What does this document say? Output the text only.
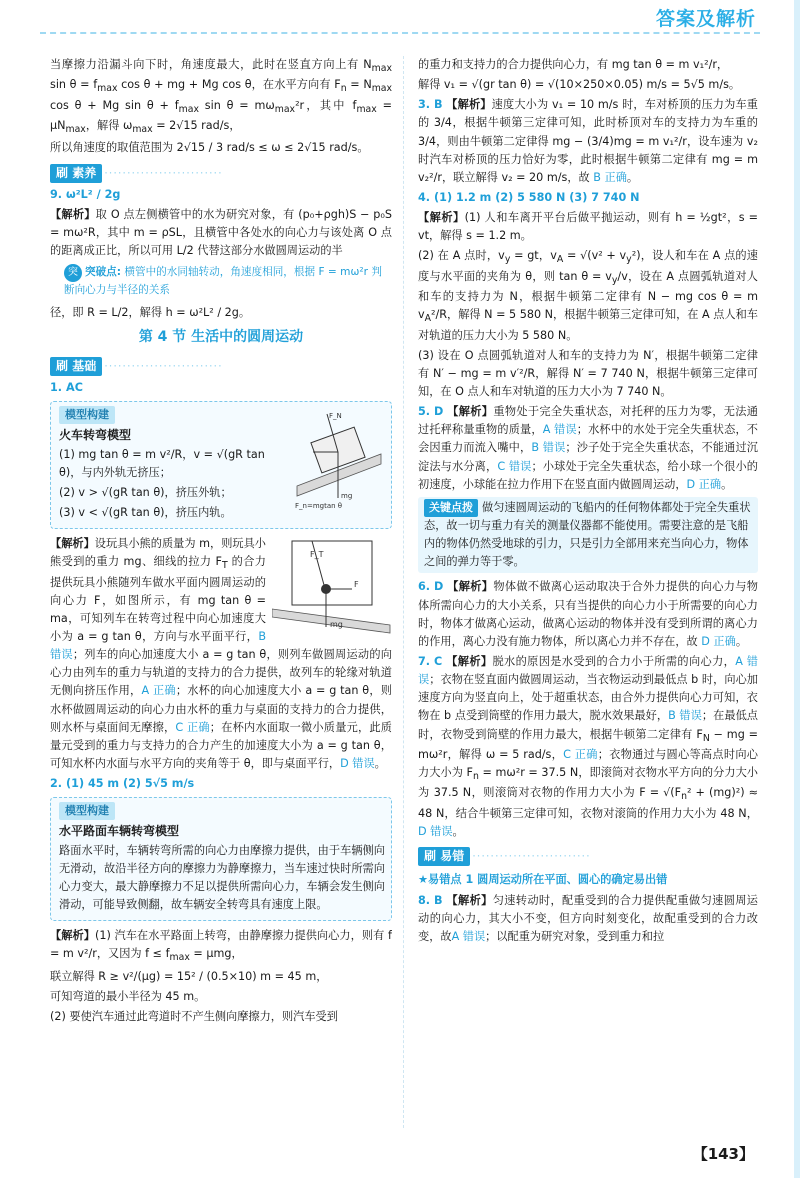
答案及解析

当摩擦力沿漏斗向下时，角速度最大，此时在竖直方向上有 $N_{max}$ $\sin \theta = f_{max}$ cos θ + mg + Mg cos θ，在水平方向有 $F_n = N_{max}$ cos θ + Mg $\sin \theta + f_{max}$ $\sin \theta = m\omega_{max}^2r$，其中 $f_{max} = \mu N_{max}$，解得 $\omega_{max} = 2√15$ rad/s，

所以角速度的取值范围为 2√15 / 3 rad/s ≤ ω ≤ 2√15 rad/s。

刷 素养 ··························

9. ω²L² / 2g

【解析】取 O 点左侧横管中的水为研究对象，有 (p₀+ρgh)S − p₀S = mω²R，其中 m = ρSL，且横管中各处水的向心力与该处离 O 点的距离成正比，所以可用 L/2 代替这部分水做圆周运动的半

突 突破点: 横管中的水同轴转动，角速度相同，根据 F = mω²r 判断向心力与半径的关系

径，即 R = L/2，解得 h = ω²L² / 2g。

第 4 节 生活中的圆周运动
刷 基础 ··························

1. AC

模型构建	F_N
mg
F_n=mgtan θ
火车转弯模型

(1) mg tan θ = m v²/R，v = √(gR tan θ)，与内外轨无挤压；

(2) v > √(gR tan θ)，挤压外轨；

(3) v < √(gR tan θ)，挤压内轨。

F_T
F
mg

【解析】设玩具小熊的质量为 m，则玩具小熊受到的重力 mg、细线的拉力 $F_T$ 的合力提供玩具小熊随列车做水平面内圆周运动的向心力 F，如图所示，有 mg tan θ = ma，可知列车在转弯过程中向心加速度大小为 a = g tan θ，方向与水平面平行，B 错误；列车的向心加速度大小 a = g tan θ，则列车做圆周运动的向心力由列车的重力与轨道的支持力的合力提供，故列车的轮缘对轨道无侧向挤压作用，A 正确；水杯的向心加速度大小 a = g tan θ，则水杯做圆周运动的向心力由水杯的重力与桌面的支持力的合力提供，则水杯与桌面间无摩擦，C 正确；在杯内水面取一微小质量元，此质量元受到的重力与支持力的合力产生的加速度大小为 a = g tan θ，可知水杯内水面与水平方向的夹角等于 θ，即与桌面平行，D 错误。

2. (1) 45 m (2) 5√5 m/s

模型构建
水平路面车辆转弯模型

路面水平时，车辆转弯所需的向心力由摩擦力提供，由于车辆侧向无滑动，故沿半径方向的摩擦力为静摩擦力，当车速过快时所需向心力变大，最大静摩擦力不足以提供所需向心力，车辆会发生侧向滑动，可能导致侧翻，故车辆安全转弯具有速度上限。

【解析】(1) 汽车在水平路面上转弯，由静摩擦力提供向心力，则有 f = m v²/r，又因为 $f \le f_{max} = \mu mg$，

联立解得 R ≥ v²/(μg) = 15² / (0.5×10) m = 45 m，

可知弯道的最小半径为 45 m。

(2) 要使汽车通过此弯道时不产生侧向摩擦力，则汽车受到

的重力和支持力的合力提供向心力，有 mg tan θ = m v₁²/r，

解得 v₁ = √(gr tan θ) = √(10×250×0.05) m/s = 5√5 m/s。

3. B 【解析】速度大小为 v₁ = 10 m/s 时，车对桥顶的压力为车重的 3/4，根据牛顿第三定律可知，此时桥顶对车的支持力为车重的 3/4，则由牛顿第二定律得 mg − (3/4)mg = m v₁²/r，设车速为 v₂ 时汽车对桥顶的压力恰好为零，此时根据牛顿第二定律有 mg = m v₂²/r，联立解得 v₂ = 20 m/s，故 B 正确。

4. (1) 1.2 m (2) 5 580 N (3) 7 740 N

【解析】(1) 人和车离开平台后做平抛运动，则有 h = ½gt²，s = vt，解得 s = 1.2 m。

(2) 在 A 点时，$v_y$ = gt，$v_A = √(v^2 + v_y^2)$，设人和车在 A 点的速度与水平面的夹角为 θ，则 $\tan \theta = v_y/v$，设在 A 点圆弧轨道对人和车的支持力为 N，根据牛顿第二定律有 N − mg cos θ = m $v_A^2/R$，解得 N = 5 580 N，根据牛顿第三定律可知，在 A 点人和车对轨道的压力大小为 5 580 N。

(3) 设在 O 点圆弧轨道对人和车的支持力为 N′，根据牛顿第二定律有 N′ − mg = m v′²/R，解得 N′ = 7 740 N，根据牛顿第三定律可知，在 O 点人和车对轨道的压力大小为 7 740 N。

5. D 【解析】重物处于完全失重状态，对托秤的压力为零，无法通过托秤称量重物的质量，A 错误；水杯中的水处于完全失重状态，不会因重力而流入嘴中，B 错误；沙子处于完全失重状态，不能通过沉淀法与水分离，C 错误；小球处于完全失重状态，给小球一个很小的初速度，小球能在拉力作用下在竖直面内做圆周运动，D 正确。

关键点拨 做匀速圆周运动的飞船内的任何物体都处于完全失重状态，故一切与重力有关的测量仪器都不能使用。需要注意的是飞船内的物体仍然受地球的引力，只是引力全部用来充当向心力，物体之间的弹力等于零。

6. D 【解析】物体做不做离心运动取决于合外力提供的向心力与物体所需向心力的大小关系，只有当提供的向心力小于所需要的向心力时，物体才做离心运动，做离心运动的物体并没有受到所谓的离心力的作用，离心力没有施力物体，所以离心力并不存在，故 D 正确。

7. C 【解析】脱水的原因是水受到的合力小于所需的向心力，A 错误；衣物在竖直面内做圆周运动，当衣物运动到最低点 b 时，向心加速度方向为竖直向上，处于超重状态，由合外力提供向心力可知，衣物在 b 点受到筒壁的作用力最大，脱水效果最好，B 错误；在最低点时，衣物受到筒壁的作用力最大，根据牛顿第二定律有 $F_N$ − mg = mω²r，解得 ω = 5 rad/s，C 正确；衣物通过与圆心等高点时向心力大小为 $F_n = m\omega^2r = 37.5$ N，即滚筒对衣物水平方向的分力大小为 37.5 N，则滚筒对衣物的作用力大小为 $F = √(F_n^2 + (mg)^2) \approx 48$ N，结合牛顿第三定律可知，衣物对滚筒的作用力大小为 48 N，D 错误。

刷 易错 ··························
★易错点 1 圆周运动所在平面、圆心的确定易出错

8. B 【解析】匀速转动时，配重受到的合力提供配重做匀速圆周运动的向心力，其大小不变，但方向时刻变化，故配重受到的合力改变，故A 错误；以配重为研究对象，受到重力和拉

【143】
